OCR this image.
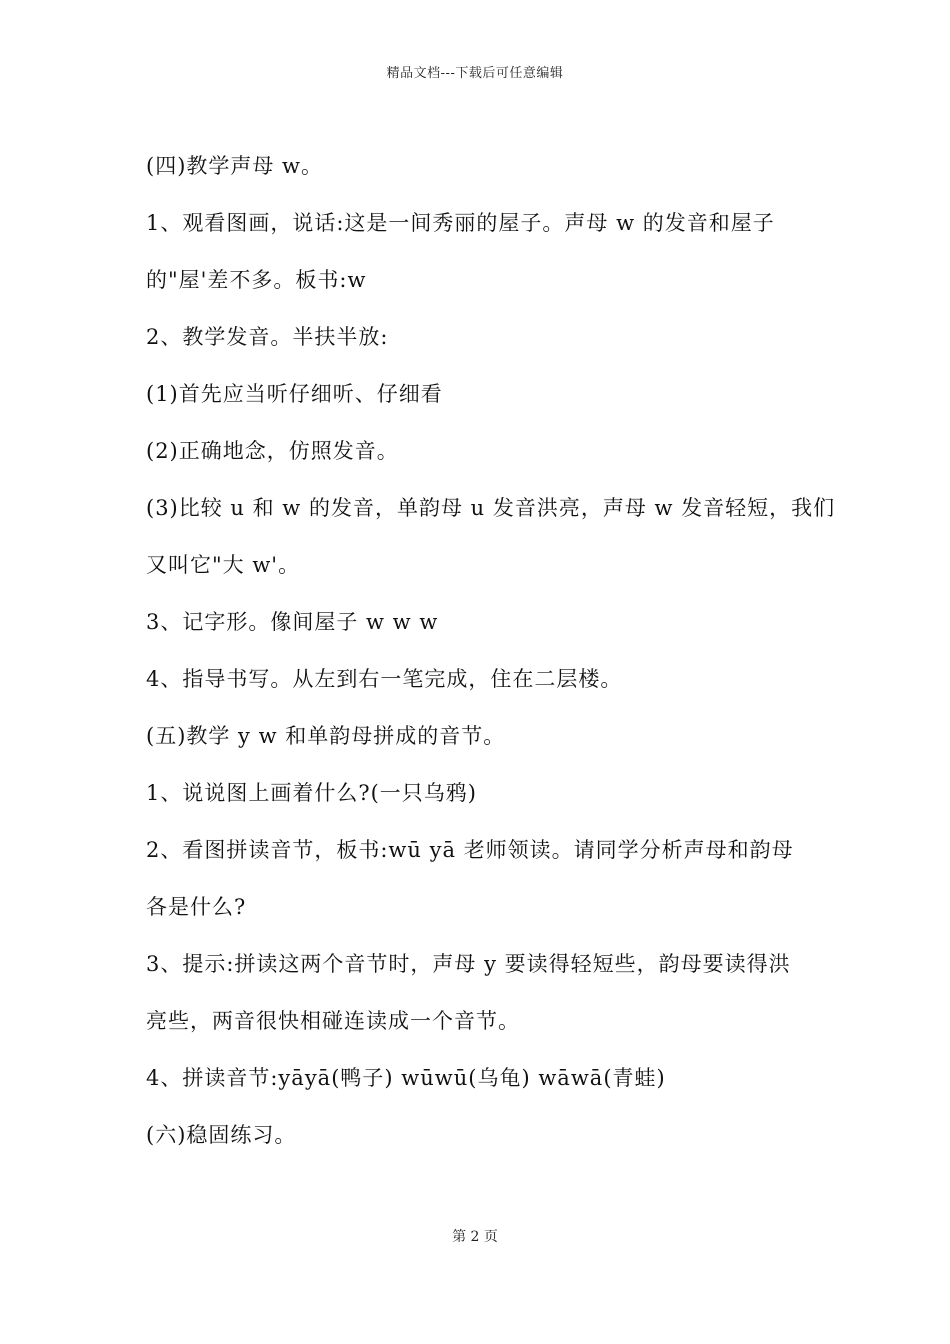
精品文档---下载后可任意编辑
(四)教学声母 w。
1、观看图画，说话:这是一间秀丽的屋子。声母 w 的发音和屋子
的"屋'差不多。板书:w
2、教学发音。半扶半放:
(1)首先应当听仔细听、仔细看
(2)正确地念，仿照发音。
(3)比较 u 和 w 的发音，单韵母 u 发音洪亮，声母 w 发音轻短，我们
又叫它"大 w'。
3、记字形。像间屋子 w w w
4、指导书写。从左到右一笔完成，住在二层楼。
(五)教学 y w 和单韵母拼成的音节。
1、说说图上画着什么?(一只乌鸦)
2、看图拼读音节，板书:wū yā 老师领读。请同学分析声母和韵母
各是什么?
3、提示:拼读这两个音节时，声母 y 要读得轻短些，韵母要读得洪
亮些，两音很快相碰连读成一个音节。
4、拼读音节:yāyā(鸭子) wūwū(乌龟) wāwā(青蛙)
(六)稳固练习。
第 2 页
